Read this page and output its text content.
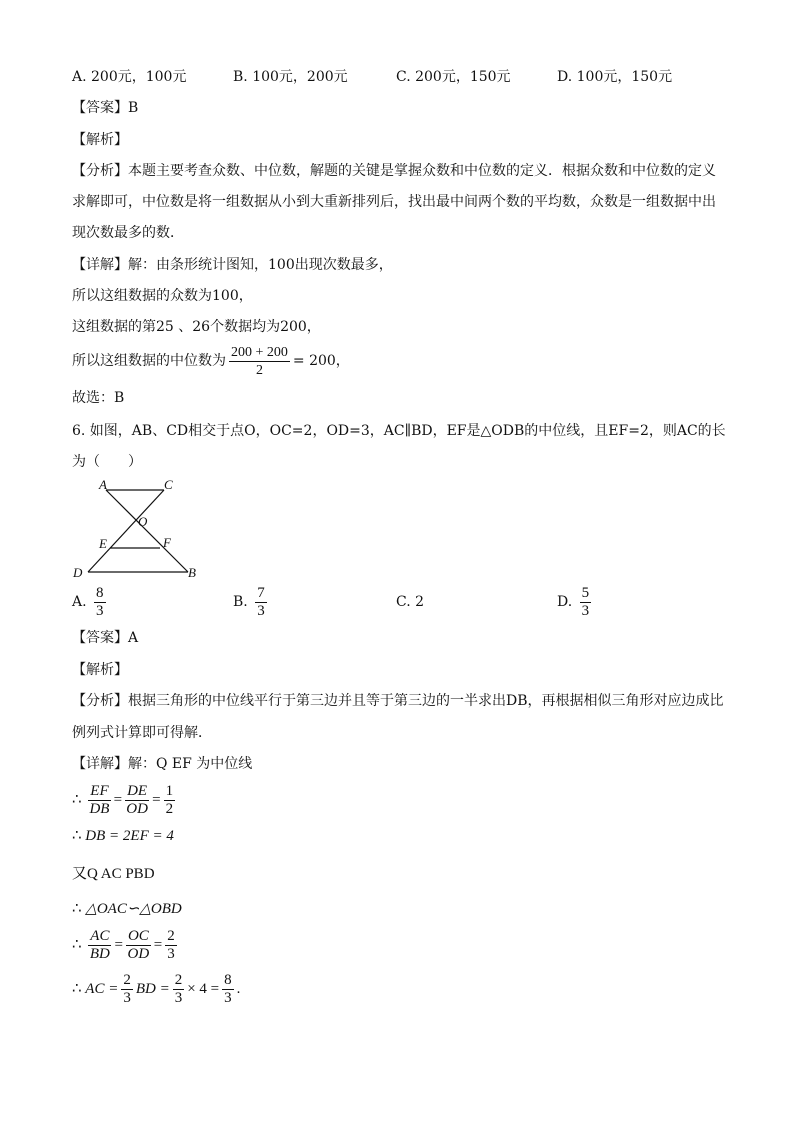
A. 200元，100元	B. 100元，200元	C. 200元，150元	D. 100元，150元
【答案】B
【解析】
【分析】本题主要考查众数、中位数，解题的关键是掌握众数和中位数的定义．根据众数和中位数的定义
求解即可，中位数是将一组数据从小到大重新排列后，找出最中间两个数的平均数，众数是一组数据中出
现次数最多的数．
【详解】解：由条形统计图知，100出现次数最多，
所以这组数据的众数为100，
这组数据的第25 、26个数据均为200，
所以这组数据的中位数为 $\frac{200 + 200}{2} = 200$，
故选：B
6. 如图，AB、CD相交于点O，OC=2，OD=3，AC∥BD，EF是△ODB的中位线，且EF=2，则AC的长
为（　　）
A	C
O
E	F
D	B
A. $\frac{8}{3}$	B. $\frac{7}{3}$	C. 2	D. $\frac{5}{3}$
【答案】A
【解析】
【分析】根据三角形的中位线平行于第三边并且等于第三边的一半求出DB，再根据相似三角形对应边成比
例列式计算即可得解．
【详解】解：Q EF 为中位线
∴ $\frac{EF}{DB} = \frac{DE}{OD} = \frac{1}{2}$
∴ DB = 2EF = 4
又Q AC PBD
∴ △OAC∽△OBD
∴ $\frac{AC}{BD} = \frac{OC}{OD} = \frac{2}{3}$
∴ AC = $\frac{2}{3}$ BD = $\frac{2}{3} \times 4 = \frac{8}{3}$ .
